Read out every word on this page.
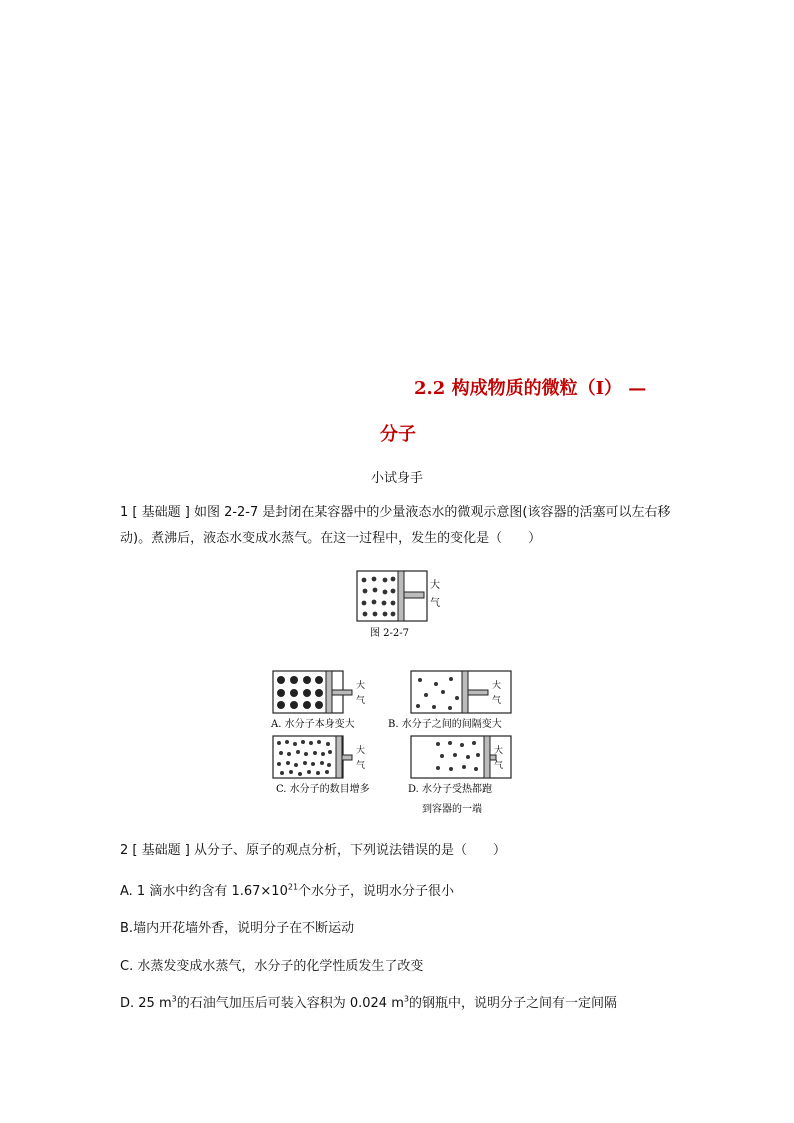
2.2 构成物质的微粒（Ⅰ） —
分子
小试身手
1 [ 基础题 ] 如图 2-2-7 是封闭在某容器中的少量液态水的微观示意图(该容器的活塞可以左右移动)。煮沸后，液态水变成水蒸气。在这一过程中，发生的变化是（　　）
大
气
图 2-2-7
大
气
A. 水分子本身变大
大
气
B. 水分子之间的间隔变大
大
气
C. 水分子的数目增多
大
气
D. 水分子受热都跑
到容器的一端
2 [ 基础题 ] 从分子、原子的观点分析，下列说法错误的是（　　）
A. 1 滴水中约含有 $1.67\times 10^{21}$个水分子，说明水分子很小
B.墙内开花墙外香，说明分子在不断运动
C. 水蒸发变成水蒸气，水分子的化学性质发生了改变
D. 25 $m^3$的石油气加压后可装入容积为 0.024 $m^3$的钢瓶中，说明分子之间有一定间隔
